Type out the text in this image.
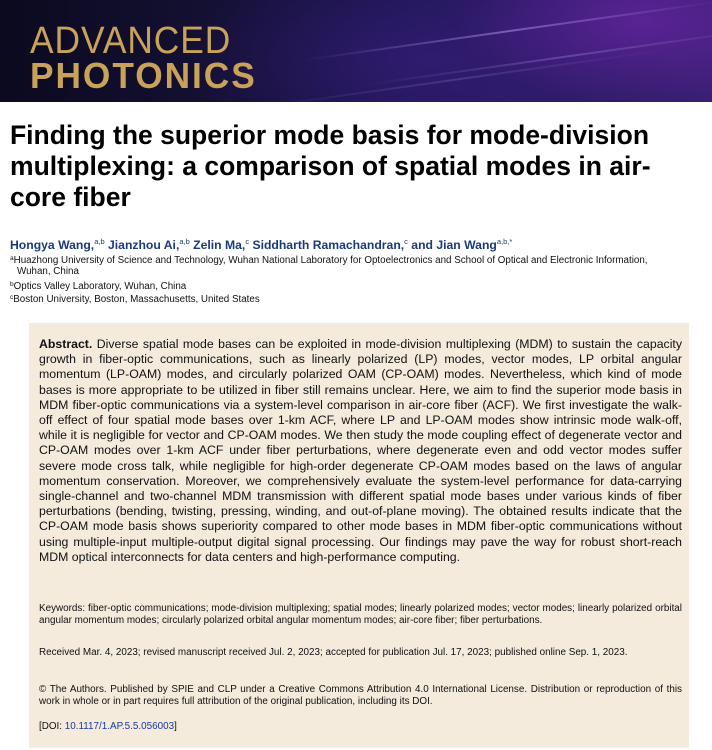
ADVANCED
PHOTONICS
Finding the superior mode basis for mode-division multiplexing: a comparison of spatial modes in air-core fiber
Hongya Wang,$^{a,b}$ Jianzhou Ai,$^{a,b}$ Zelin Ma,$^c$ Siddharth Ramachandran,$^c$ and Jian Wang$^{a,b,*}$
$^a$Huazhong University of Science and Technology, Wuhan National Laboratory for Optoelectronics and School of Optical and Electronic Information,
Wuhan, China
$^b$Optics Valley Laboratory, Wuhan, China
$^c$Boston University, Boston, Massachusetts, United States

Abstract. Diverse spatial mode bases can be exploited in mode-division multiplexing (MDM) to sustain the capacity growth in fiber-optic communications, such as linearly polarized (LP) modes, vector modes, LP orbital angular momentum (LP-OAM) modes, and circularly polarized OAM (CP-OAM) modes. Nevertheless, which kind of mode bases is more appropriate to be utilized in fiber still remains unclear. Here, we aim to find the superior mode basis in MDM fiber-optic communications via a system-level comparison in air-core fiber (ACF). We first investigate the walk-off effect of four spatial mode bases over 1-km ACF, where LP and LP-OAM modes show intrinsic mode walk-off, while it is negligible for vector and CP-OAM modes. We then study the mode coupling effect of degenerate vector and CP-OAM modes over 1-km ACF under fiber perturbations, where degenerate even and odd vector modes suffer severe mode cross talk, while negligible for high-order degenerate CP-OAM modes based on the laws of angular momentum conservation. Moreover, we comprehensively evaluate the system-level performance for data-carrying single-channel and two-channel MDM transmission with different spatial mode bases under various kinds of fiber perturbations (bending, twisting, pressing, winding, and out-of-plane moving). The obtained results indicate that the CP-OAM mode basis shows superiority compared to other mode bases in MDM fiber-optic communications without using multiple-input multiple-output digital signal processing. Our findings may pave the way for robust short-reach MDM optical interconnects for data centers and high-performance computing.

Keywords: fiber-optic communications; mode-division multiplexing; spatial modes; linearly polarized modes; vector modes; linearly polarized orbital angular momentum modes; circularly polarized orbital angular momentum modes; air-core fiber; fiber perturbations.

Received Mar. 4, 2023; revised manuscript received Jul. 2, 2023; accepted for publication Jul. 17, 2023; published online Sep. 1, 2023.

© The Authors. Published by SPIE and CLP under a Creative Commons Attribution 4.0 International License. Distribution or reproduction of this work in whole or in part requires full attribution of the original publication, including its DOI.

[DOI: 10.1117/1.AP.5.5.056003]
